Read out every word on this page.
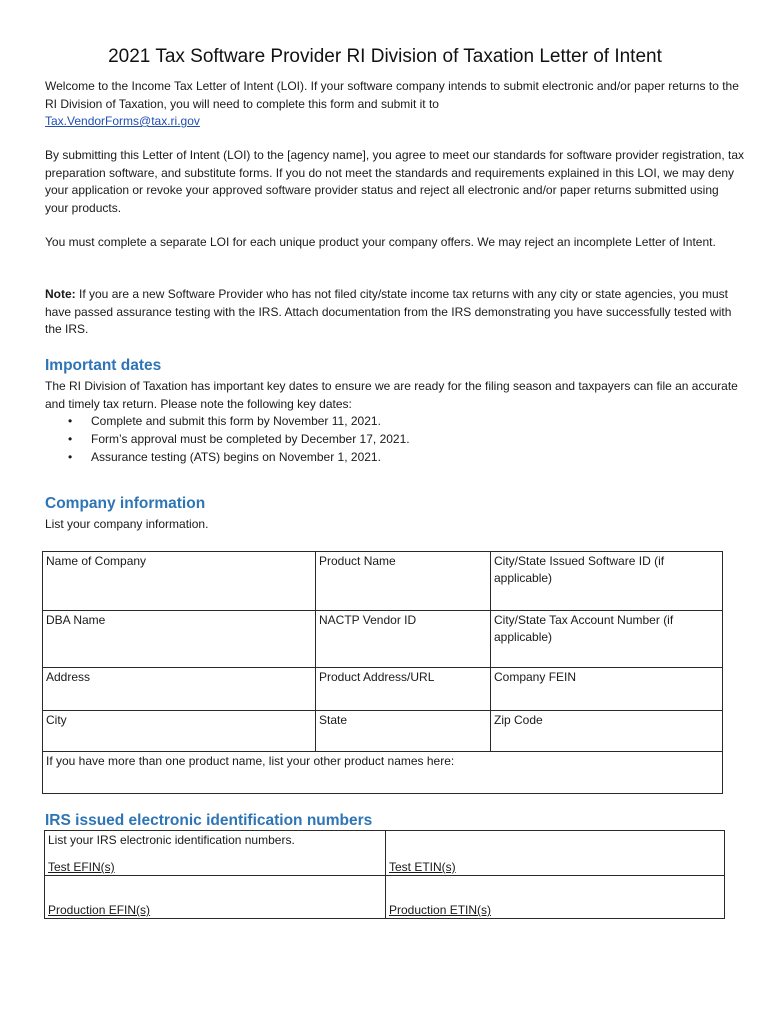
2021 Tax Software Provider RI Division of Taxation Letter of Intent

Welcome to the Income Tax Letter of Intent (LOI). If your software company intends to submit electronic and/or paper returns to the RI Division of Taxation, you will need to complete this form and submit it to
Tax.VendorForms@tax.ri.gov

By submitting this Letter of Intent (LOI) to the [agency name], you agree to meet our standards for software provider registration, tax preparation software, and substitute forms. If you do not meet the standards and requirements explained in this LOI, we may deny your application or revoke your approved software provider status and reject all electronic and/or paper returns submitted using your products.

You must complete a separate LOI for each unique product your company offers. We may reject an incomplete Letter of Intent.

Note: If you are a new Software Provider who has not filed city/state income tax returns with any city or state agencies, you must have passed assurance testing with the IRS. Attach documentation from the IRS demonstrating you have successfully tested with the IRS.

Important dates

The RI Division of Taxation has important key dates to ensure we are ready for the filing season and taxpayers can file an accurate and timely tax return. Please note the following key dates:

• Complete and submit this form by November 11, 2021.
• Form’s approval must be completed by December 17, 2021.
• Assurance testing (ATS) begins on November 1, 2021.
Company information

List your company information.

Name of Company	Product Name	City/State Issued Software ID (if applicable)
DBA Name	NACTP Vendor ID	City/State Tax Account Number (if applicable)
Address	Product Address/URL	Company FEIN
City	State	Zip Code
If you have more than one product name, list your other product names here:		
IRS issued electronic identification numbers
List your IRS electronic identification numbers.
Test EFIN(s)	Test ETIN(s)

Production EFIN(s)	Production ETIN(s)
